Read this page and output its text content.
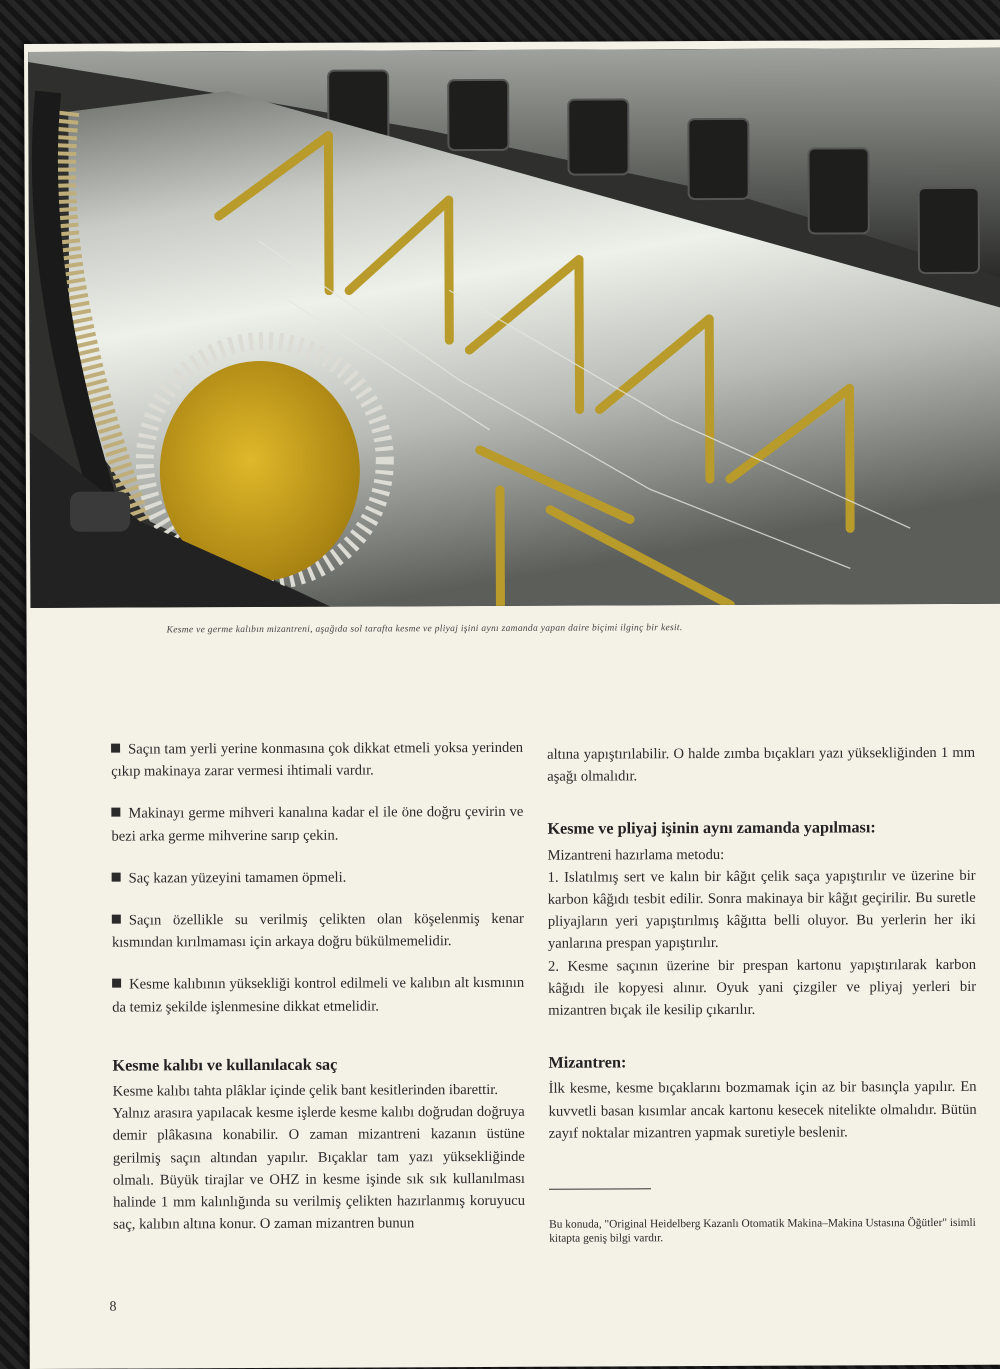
Kesme ve germe kalıbın mizantreni, aşağıda sol tarafta kesme ve pliyaj işini aynı zamanda yapan daire biçimi ilginç bir kesit.

Saçın tam yerli yerine konmasına çok dikkat etmeli yoksa yerinden çıkıp makinaya zarar vermesi ihtimali vardır.

Makinayı germe mihveri kanalına kadar el ile öne doğru çevirin ve bezi arka germe mihverine sarıp çekin.

Saç kazan yüzeyini tamamen öpmeli.

Saçın özellikle su verilmiş çelikten olan köşelenmiş kenar kısmından kırılmaması için arkaya doğru bükülmemelidir.

Kesme kalıbının yüksekliği kontrol edilmeli ve kalıbın alt kısmının da temiz şekilde işlenmesine dikkat etmelidir.

Kesme kalıbı ve kullanılacak saç

Kesme kalıbı tahta plâklar içinde çelik bant kesitlerinden ibarettir.

Yalnız arasıra yapılacak kesme işlerde kesme kalıbı doğrudan doğruya demir plâkasına konabilir. O zaman mizantreni kazanın üstüne gerilmiş saçın altından yapılır. Bıçaklar tam yazı yüksekliğinde olmalı. Büyük tirajlar ve OHZ in kesme işinde sık sık kullanılması halinde 1 mm kalınlığında su verilmiş çelikten hazırlanmış koruyucu saç, kalıbın altına konur. O zaman mizantren bunun

altına yapıştırılabilir. O halde zımba bıçakları yazı yüksekliğinden 1 mm aşağı olmalıdır.

Kesme ve pliyaj işinin aynı zamanda yapılması:

Mizantreni hazırlama metodu:

1. Islatılmış sert ve kalın bir kâğıt çelik saça yapıştırılır ve üzerine bir karbon kâğıdı tesbit edilir. Sonra makinaya bir kâğıt geçirilir. Bu suretle pliyajların yeri yapıştırılmış kâğıtta belli oluyor. Bu yerlerin her iki yanlarına prespan yapıştırılır.

2. Kesme saçının üzerine bir prespan kartonu yapıştırılarak karbon kâğıdı ile kopyesi alınır. Oyuk yani çizgiler ve pliyaj yerleri bir mizantren bıçak ile kesilip çıkarılır.

Mizantren:

İlk kesme, kesme bıçaklarını bozmamak için az bir basınçla yapılır. En kuvvetli basan kısımlar ancak kartonu kesecek nitelikte olmalıdır. Bütün zayıf noktalar mizantren yapmak suretiyle beslenir.

Bu konuda, "Original Heidelberg Kazanlı Otomatik Makina–Makina Ustasına Öğütler" isimli kitapta geniş bilgi vardır.

8
